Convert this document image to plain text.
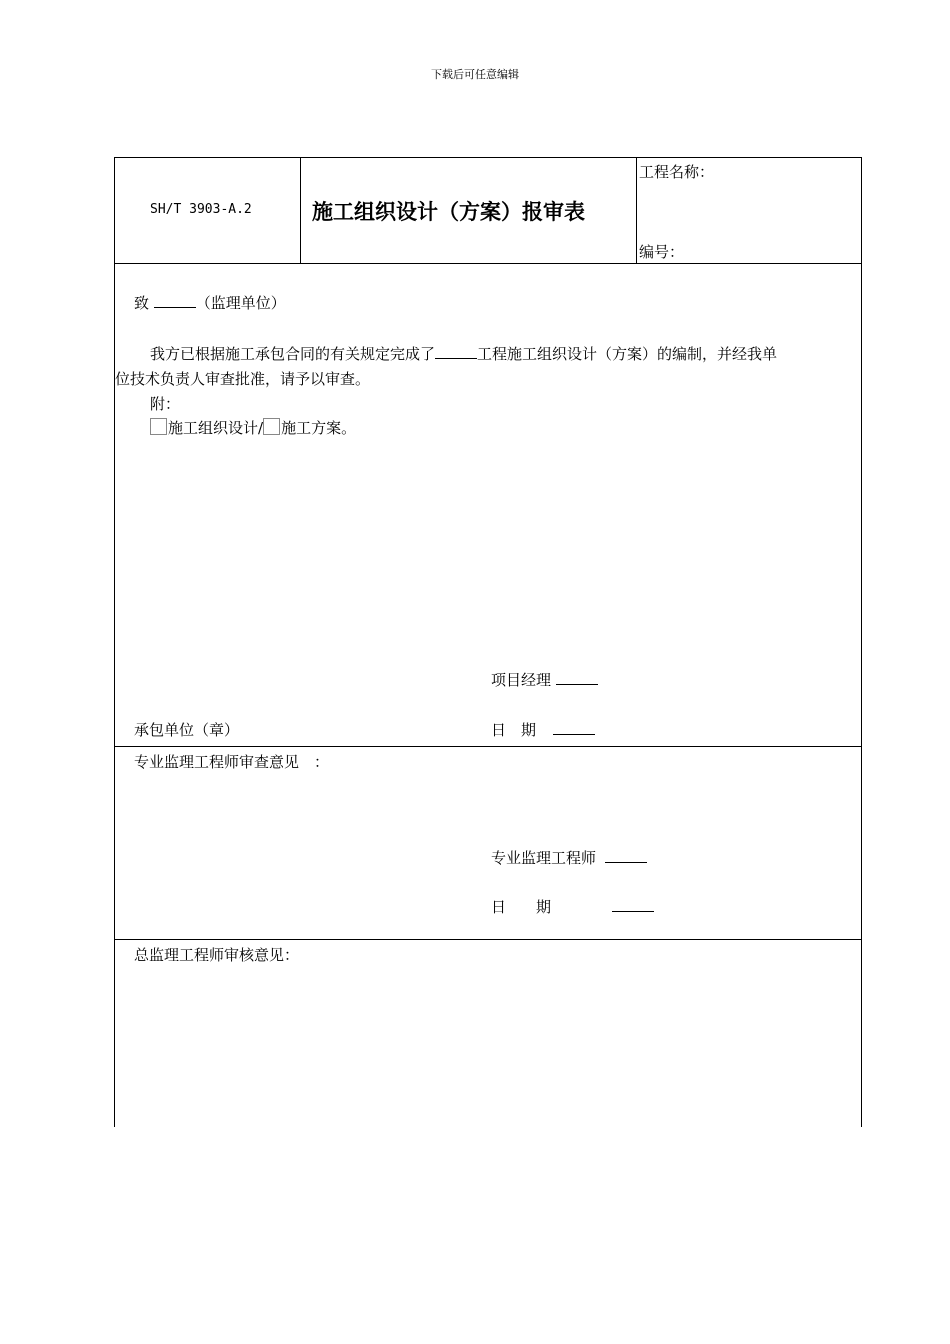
下载后可任意编辑
SH/T 3903-A.2	施工组织设计（方案）报审表
工程名称：
编号：
致	（监理单位）
我方已根据施工承包合同的有关规定完成了	工程施工组织设计（方案）的编制，并经我单
位技术负责人审查批准，请予以审查。
附：
施工组织设计/ 施工方案。
项目经理
承包单位（章）	日　期
专业监理工程师审查意见　：
专业监理工程师
日　　期
总监理工程师审核意见：
